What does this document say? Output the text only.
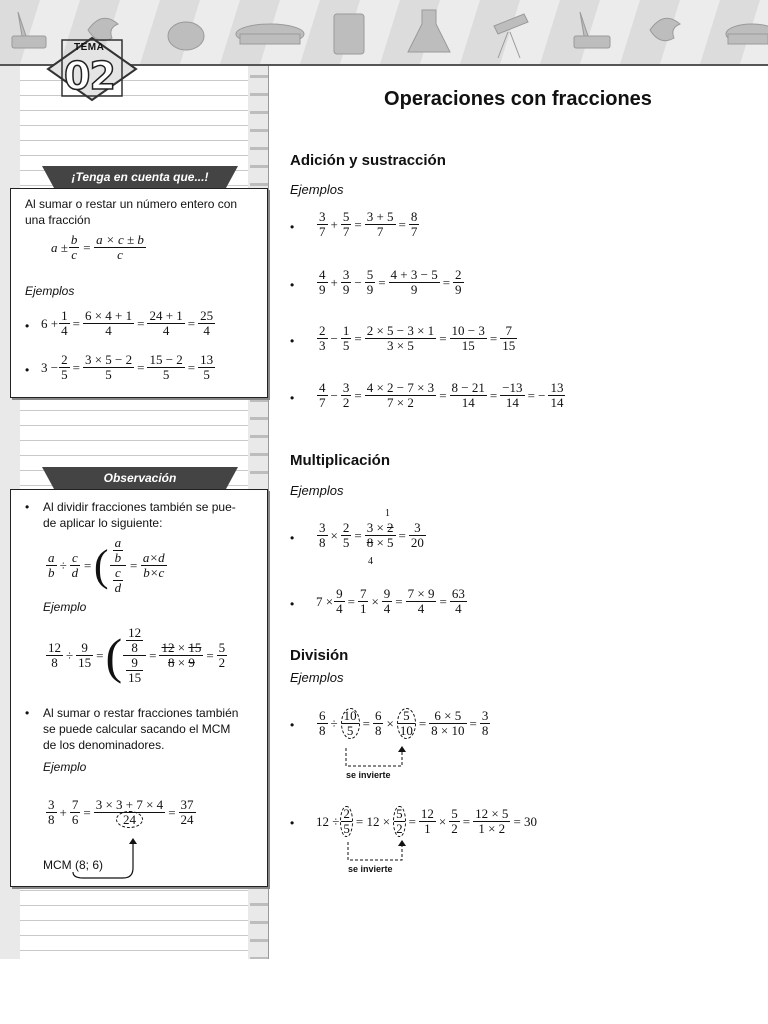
TEMA
02
¡Tenga en cuenta que...!
Al sumar o restar un número entero con
una fracción
$a \pm \frac{b}{c} = \frac{a \times c \pm b}{c}$
Ejemplos
• $6 + \frac{1}{4} = \frac{6 \times 4 + 1}{4} = \frac{24 + 1}{4} = \frac{25}{4}$
• $3 - \frac{2}{5} = \frac{3 \times 5 - 2}{5} = \frac{15 - 2}{5} = \frac{13}{5}$
Observación
• Al dividir fracciones también se pue-
de aplicar lo siguiente:
$\frac{a}{b} \div \frac{c}{d}$ = ( $\frac{\frac{a}{b}}{\frac{c}{d}} = \frac{a\times d}{b\times c}$
Ejemplo
$\frac{12}{8} \div \frac{9}{15}$ = ( $\frac{\frac{12}{8}}{\frac{9}{15}} = \frac{12 \times 15}{8 \times 9} = \frac{5}{2}$
• Al sumar o restar fracciones también
se puede calcular sacando el MCM
de los denominadores.
Ejemplo
$\frac{3}{8} + \frac{7}{6} = \frac{3 \times 3 + 7 \times 4}{24} = \frac{37}{24}$
MCM (8; 6)
Operaciones con fracciones
Adición y sustracción
Ejemplos
• $\frac{3}{7} + \frac{5}{7} = \frac{3 + 5}{7} = \frac{8}{7}$
• $\frac{4}{9} + \frac{3}{9} - \frac{5}{9} = \frac{4 + 3 - 5}{9} = \frac{2}{9}$
• $\frac{2}{3} - \frac{1}{5} = \frac{2 \times 5 - 3 \times 1}{3 \times 5} = \frac{10 - 3}{15} = \frac{7}{15}$
• $\frac{4}{7} - \frac{3}{2} = \frac{4 \times 2 - 7 \times 3}{7 \times 2} = \frac{8 - 21}{14} = \frac{-13}{14}$ = − $\frac{13}{14}$
Multiplicación
Ejemplos
•
1
$\frac{3}{8} \times \frac{2}{5} = \frac{3 \times 2}{8 \times 5} = \frac{3}{20}$
4
• $7 \times \frac{9}{4} = \frac{7}{1} \times \frac{9}{4} = \frac{7 \times 9}{4} = \frac{63}{4}$
División
Ejemplos
• $\frac{6}{8} \div \frac{10}{5} = \frac{6}{8} \times \frac{5}{10} = \frac{6 \times 5}{8 \times 10} = \frac{3}{8}$
se invierte
• $12 \div \frac{2}{5} = 12 \times \frac{5}{2} = \frac{12}{1} \times \frac{5}{2} = \frac{12 \times 5}{1 \times 2} = 30$
se invierte
